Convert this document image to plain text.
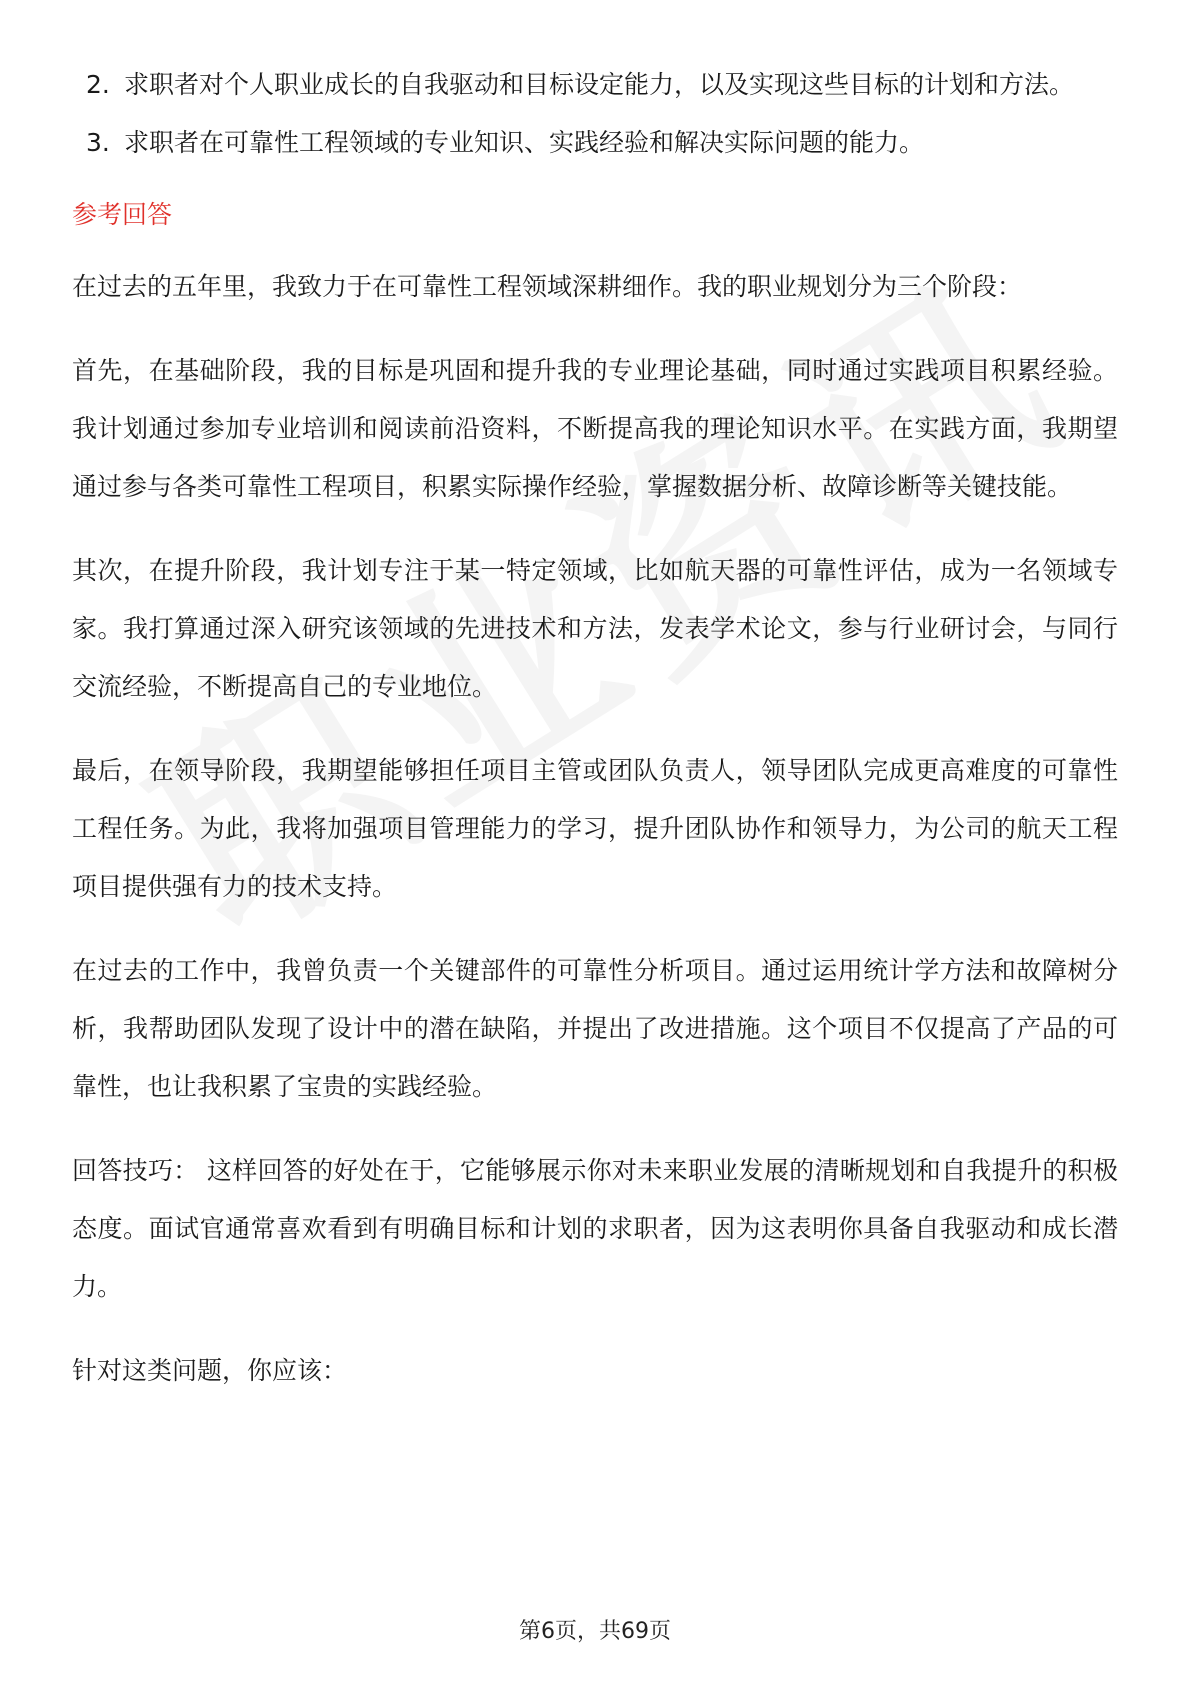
2. 求职者对个人职业成长的自我驱动和目标设定能力，以及实现这些目标的计划和方法。
3. 求职者在可靠性工程领域的专业知识、实践经验和解决实际问题的能力。
参考回答

在过去的五年里，我致力于在可靠性工程领域深耕细作。我的职业规划分为三个阶段：

首先，在基础阶段，我的目标是巩固和提升我的专业理论基础，同时通过实践项目积累经验。我计划通过参加专业培训和阅读前沿资料，不断提高我的理论知识水平。在实践方面，我期望通过参与各类可靠性工程项目，积累实际操作经验，掌握数据分析、故障诊断等关键技能。

其次，在提升阶段，我计划专注于某一特定领域，比如航天器的可靠性评估，成为一名领域专家。我打算通过深入研究该领域的先进技术和方法，发表学术论文，参与行业研讨会，与同行交流经验，不断提高自己的专业地位。

最后，在领导阶段，我期望能够担任项目主管或团队负责人，领导团队完成更高难度的可靠性工程任务。为此，我将加强项目管理能力的学习，提升团队协作和领导力，为公司的航天工程项目提供强有力的技术支持。

在过去的工作中，我曾负责一个关键部件的可靠性分析项目。通过运用统计学方法和故障树分析，我帮助团队发现了设计中的潜在缺陷，并提出了改进措施。这个项目不仅提高了产品的可靠性，也让我积累了宝贵的实践经验。

回答技巧： 这样回答的好处在于，它能够展示你对未来职业发展的清晰规划和自我提升的积极态度。面试官通常喜欢看到有明确目标和计划的求职者，因为这表明你具备自我驱动和成长潜力。

针对这类问题，你应该：

第6页，共69页
